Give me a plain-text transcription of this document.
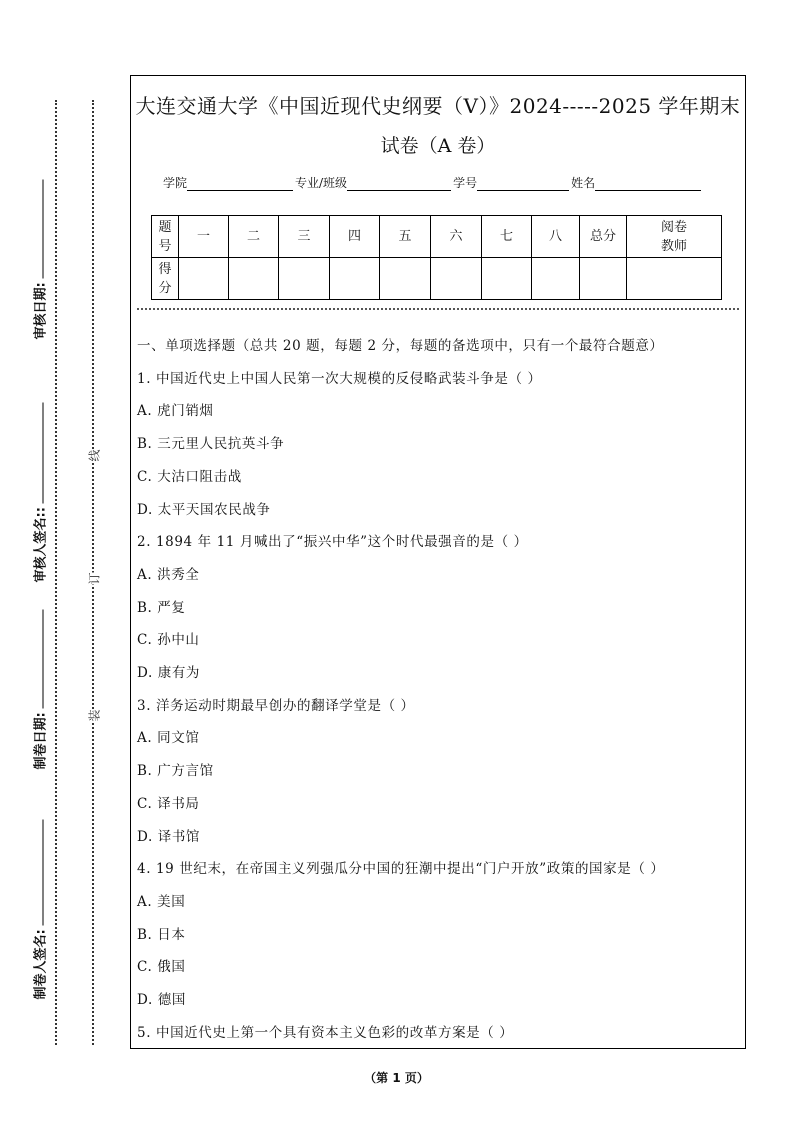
审核日期:
审核人签名::
制卷日期:
制卷人签名:
线
订
装
大连交通大学《中国近现代史纲要（V）》2024-----2025 学年期末
试卷（A 卷）
学院	专业/班级	学号	姓名
题
号	一	二	三	四	五	六	七	八	总分	阅卷
教师
得
分										
一、单项选择题（总共 20 题，每题 2 分，每题的备选项中，只有一个最符合题意）
1. 中国近代史上中国人民第一次大规模的反侵略武装斗争是（ ）
A. 虎门销烟
B. 三元里人民抗英斗争
C. 大沽口阻击战
D. 太平天国农民战争
2. 1894 年 11 月喊出了“振兴中华”这个时代最强音的是（ ）
A. 洪秀全
B. 严复
C. 孙中山
D. 康有为
3. 洋务运动时期最早创办的翻译学堂是（ ）
A. 同文馆
B. 广方言馆
C. 译书局
D. 译书馆
4. 19 世纪末，在帝国主义列强瓜分中国的狂潮中提出“门户开放”政策的国家是（ ）
A. 美国
B. 日本
C. 俄国
D. 德国
5. 中国近代史上第一个具有资本主义色彩的改革方案是（ ）
（第 1 页）
